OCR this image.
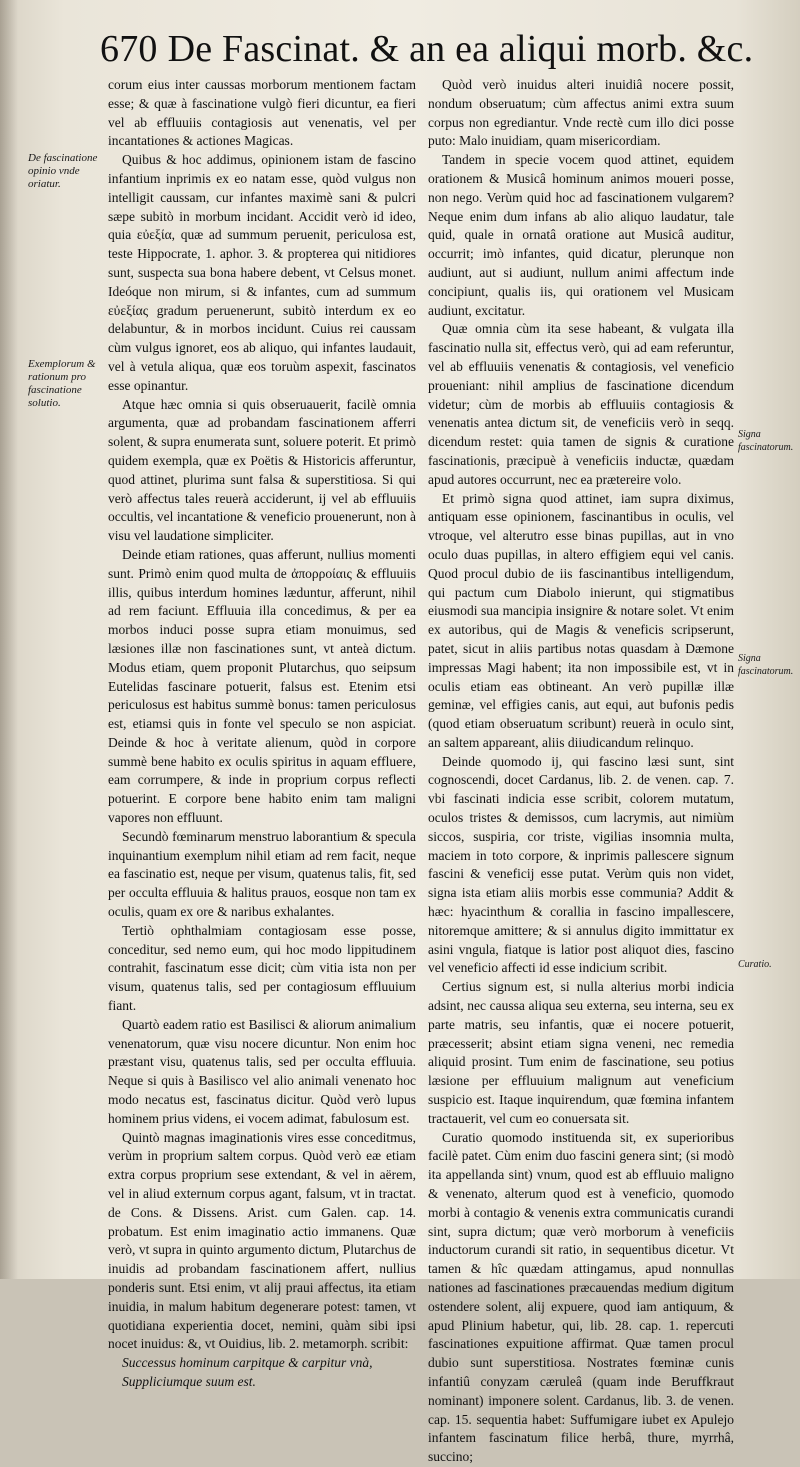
670 De Fascinat. & an ea aliqui morb. &c.
De fascinatione opinio vnde oriatur.
Exemplorum & rationum pro fascinatione solutio.
Signa fascinatorum.
Signa fascinatorum.
Curatio.

corum eius inter caussas morborum mentionem factam esse; & quæ à fascinatione vulgò fieri dicuntur, ea fieri vel ab effluuiis contagiosis aut venenatis, vel per incantationes & actiones Magicas.

Quibus & hoc addimus, opinionem istam de fascino infantium inprimis ex eo natam esse, quòd vulgus non intelligit caussam, cur infantes maximè sani & pulcri sæpe subitò in morbum incidant. Accidit verò id ideo, quia εὐεξία, quæ ad summum peruenit, periculosa est, teste Hippocrate, 1. aphor. 3. & propterea qui nitidiores sunt, suspecta sua bona habere debent, vt Celsus monet. Ideóque non mirum, si & infantes, cum ad summum εὐεξίας gradum peruenerunt, subitò interdum ex eo delabuntur, & in morbos incidunt. Cuius rei caussam cùm vulgus ignoret, eos ab aliquo, qui infantes laudauit, vel à vetula aliqua, quæ eos toruùm aspexit, fascinatos esse opinantur.

Atque hæc omnia si quis obseruauerit, facilè omnia argumenta, quæ ad probandam fascinationem afferri solent, & supra enumerata sunt, soluere poterit. Et primò quidem exempla, quæ ex Poëtis & Historicis afferuntur, quod attinet, plurima sunt falsa & superstitiosa. Si qui verò affectus tales reuerà acciderunt, ij vel ab effluuiis occultis, vel incantatione & veneficio prouenerunt, non à visu vel laudatione simpliciter.

Deinde etiam rationes, quas afferunt, nullius momenti sunt. Primò enim quod multa de ἀπορροίαις & effluuiis illis, quibus interdum homines læduntur, afferunt, nihil ad rem faciunt. Effluuia illa concedimus, & per ea morbos induci posse supra etiam monuimus, sed læsiones illæ non fascinationes sunt, vt anteà dictum. Modus etiam, quem proponit Plutarchus, quo seipsum Eutelidas fascinare potuerit, falsus est. Etenim etsi periculosus est habitus summè bonus: tamen periculosus est, etiamsi quis in fonte vel speculo se non aspiciat. Deinde & hoc à veritate alienum, quòd in corpore summè bene habito ex oculis spiritus in aquam effluere, eam corrumpere, & inde in proprium corpus reflecti potuerint. E corpore bene habito enim tam maligni vapores non effluunt.

Secundò fœminarum menstruo laborantium & specula inquinantium exemplum nihil etiam ad rem facit, neque ea fascinatio est, neque per visum, quatenus talis, fit, sed per occulta effluuia & halitus prauos, eosque non tam ex oculis, quam ex ore & naribus exhalantes.

Tertiò ophthalmiam contagiosam esse posse, conceditur, sed nemo eum, qui hoc modo lippitudinem contrahit, fascinatum esse dicit; cùm vitia ista non per visum, quatenus talis, sed per contagiosum effluuium fiant.

Quartò eadem ratio est Basilisci & aliorum animalium venenatorum, quæ visu nocere dicuntur. Non enim hoc præstant visu, quatenus talis, sed per occulta effluuia. Neque si quis à Basilisco vel alio animali venenato hoc modo necatus est, fascinatus dicitur. Quòd verò lupus hominem prius videns, ei vocem adimat, fabulosum est.

Quintò magnas imaginationis vires esse conceditmus, verùm in proprium saltem corpus. Quòd verò eæ etiam extra corpus proprium sese extendant, & vel in aërem, vel in aliud externum corpus agant, falsum, vt in tractat. de Cons. & Dissens. Arist. cum Galen. cap. 14. probatum. Est enim imaginatio actio immanens. Quæ verò, vt supra in quinto argumento dictum, Plutarchus de inuidis ad probandam fascinationem affert, nullius ponderis sunt. Etsi enim, vt alij praui affectus, ita etiam inuidia, in malum habitum degenerare potest: tamen, vt quotidiana experientia docet, nemini, quàm sibi ipsi nocet inuidus: &, vt Ouidius, lib. 2. metamorph. scribit:

Successus hominum carpitque & carpitur vnà,

Suppliciumque suum est.

Quòd verò inuidus alteri inuidiâ nocere possit, nondum obseruatum; cùm affectus animi extra suum corpus non egrediantur. Vnde rectè cum illo dici posse puto: Malo inuidiam, quam misericordiam.

Tandem in specie vocem quod attinet, equidem orationem & Musicâ hominum animos moueri posse, non nego. Verùm quid hoc ad fascinationem vulgarem? Neque enim dum infans ab alio aliquo laudatur, tale quid, quale in ornatâ oratione aut Musicâ auditur, occurrit; imò infantes, quid dicatur, plerunque non audiunt, aut si audiunt, nullum animi affectum inde concipiunt, qualis iis, qui orationem vel Musicam audiunt, excitatur.

Quæ omnia cùm ita sese habeant, & vulgata illa fascinatio nulla sit, effectus verò, qui ad eam referuntur, vel ab effluuiis venenatis & contagiosis, vel veneficio proueniant: nihil amplius de fascinatione dicendum videtur; cùm de morbis ab effluuiis contagiosis & venenatis antea dictum sit, de veneficiis verò in seqq. dicendum restet: quia tamen de signis & curatione fascinationis, præcipuè à veneficiis inductæ, quædam apud autores occurrunt, nec ea prætereire volo.

Et primò signa quod attinet, iam supra diximus, antiquam esse opinionem, fascinantibus in oculis, vel vtroque, vel alterutro esse binas pupillas, aut in vno oculo duas pupillas, in altero effigiem equi vel canis. Quod procul dubio de iis fascinantibus intelligendum, qui pactum cum Diabolo inierunt, qui stigmatibus eiusmodi sua mancipia insignire & notare solet. Vt enim ex autoribus, qui de Magis & veneficis scripserunt, patet, sicut in aliis partibus notas quasdam à Dæmone impressas Magi habent; ita non impossibile est, vt in oculis etiam eas obtineant. An verò pupillæ illæ geminæ, vel effigies canis, aut equi, aut bufonis pedis (quod etiam obseruatum scribunt) reuerà in oculo sint, an saltem appareant, aliis diiudicandum relinquo.

Deinde quomodo ij, qui fascino læsi sunt, sint cognoscendi, docet Cardanus, lib. 2. de venen. cap. 7. vbi fascinati indicia esse scribit, colorem mutatum, oculos tristes & demissos, cum lacrymis, aut nimiùm siccos, suspiria, cor triste, vigilias insomnia multa, maciem in toto corpore, & inprimis pallescere signum fascini & veneficij esse putat. Verùm quis non videt, signa ista etiam aliis morbis esse communia? Addit & hæc: hyacinthum & corallia in fascino impallescere, nitoremque amittere; & si annulus digito immittatur ex asini vngula, fiatque is latior post aliquot dies, fascino vel veneficio affecti id esse indicium scribit.

Certius signum est, si nulla alterius morbi indicia adsint, nec caussa aliqua seu externa, seu interna, seu ex parte matris, seu infantis, quæ ei nocere potuerit, præcesserit; absint etiam signa veneni, nec remedia aliquid prosint. Tum enim de fascinatione, seu potius læsione per effluuium malignum aut veneficium suspicio est. Itaque inquirendum, quæ fœmina infantem tractauerit, vel cum eo conuersata sit.

Curatio quomodo instituenda sit, ex superioribus facilè patet. Cùm enim duo fascini genera sint; (si modò ita appellanda sint) vnum, quod est ab effluuio maligno & venenato, alterum quod est à veneficio, quomodo morbi à contagio & venenis extra communicatis curandi sint, supra dictum; quæ verò morborum à veneficiis inductorum curandi sit ratio, in sequentibus dicetur. Vt tamen & hîc quædam attingamus, apud nonnullas nationes ad fascinationes præcauendas medium digitum ostendere solent, alij expuere, quod iam antiquum, & apud Plinium habetur, qui, lib. 28. cap. 1. repercuti fascinationes expuitione affirmat. Quæ tamen procul dubio sunt superstitiosa. Nostrates fœminæ cunis infantiû conyzam cæruleâ (quam inde Beruffkraut nominant) imponere solent. Cardanus, lib. 3. de venen. cap. 15. sequentia habet: Suffumigare iubet ex Apulejo infantem fascinatum filice herbâ, thure, myrrhâ, succino;
